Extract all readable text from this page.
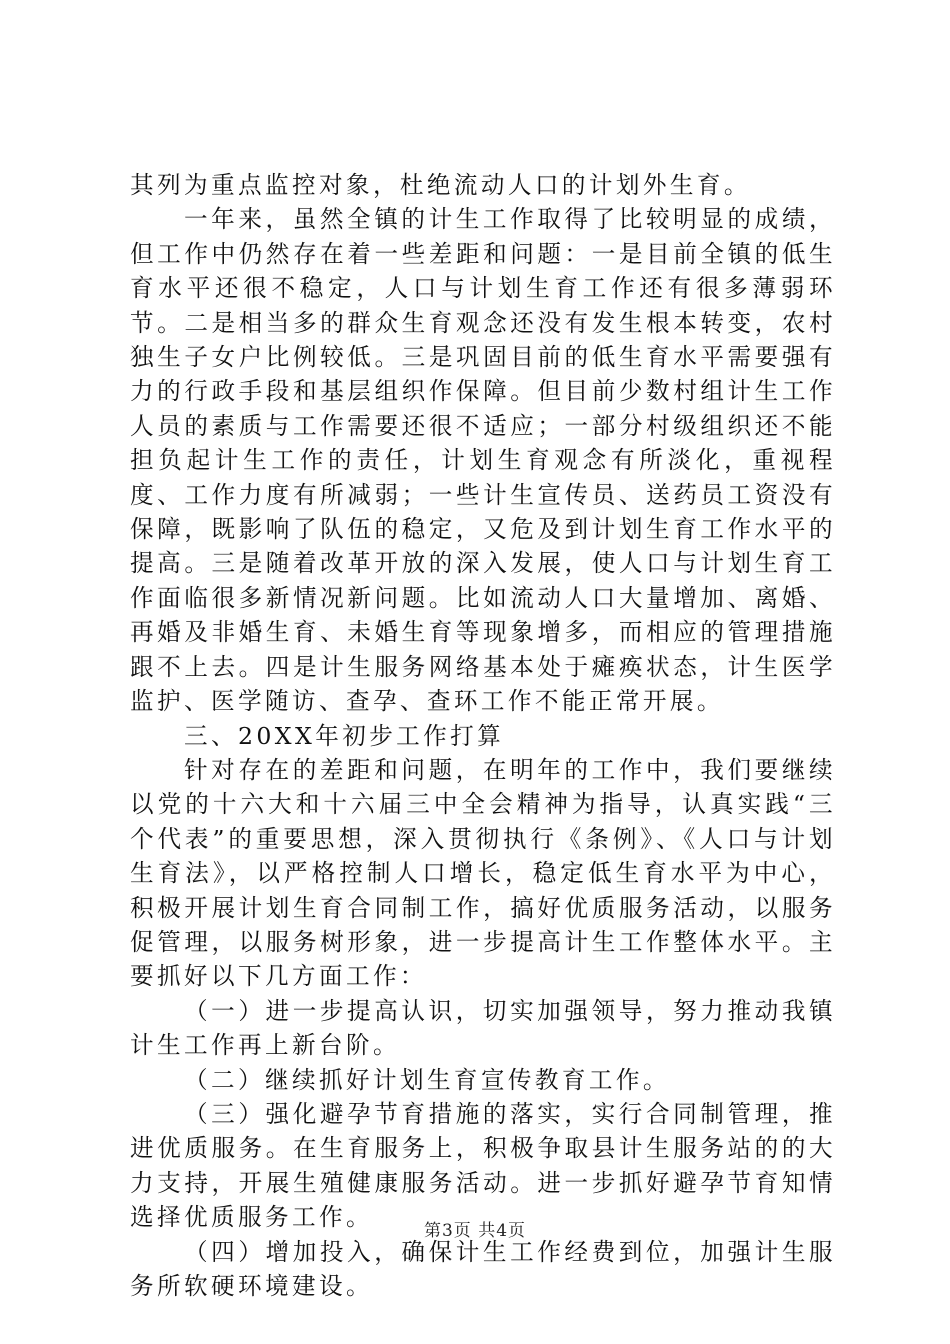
其列为重点监控对象，杜绝流动人口的计划外生育。

一年来，虽然全镇的计生工作取得了比较明显的成绩，但工作中仍然存在着一些差距和问题：一是目前全镇的低生育水平还很不稳定，人口与计划生育工作还有很多薄弱环节。二是相当多的群众生育观念还没有发生根本转变，农村独生子女户比例较低。三是巩固目前的低生育水平需要强有力的行政手段和基层组织作保障。但目前少数村组计生工作人员的素质与工作需要还很不适应；一部分村级组织还不能担负起计生工作的责任，计划生育观念有所淡化，重视程度、工作力度有所减弱；一些计生宣传员、送药员工资没有保障，既影响了队伍的稳定，又危及到计划生育工作水平的提高。三是随着改革开放的深入发展，使人口与计划生育工作面临很多新情况新问题。比如流动人口大量增加、离婚、再婚及非婚生育、未婚生育等现象增多，而相应的管理措施跟不上去。四是计生服务网络基本处于瘫痪状态，计生医学监护、医学随访、查孕、查环工作不能正常开展。

三、20XX年初步工作打算

针对存在的差距和问题，在明年的工作中，我们要继续以党的十六大和十六届三中全会精神为指导，认真实践“三个代表”的重要思想，深入贯彻执行《条例》、《人口与计划生育法》，以严格控制人口增长，稳定低生育水平为中心，积极开展计划生育合同制工作，搞好优质服务活动，以服务促管理，以服务树形象，进一步提高计生工作整体水平。主要抓好以下几方面工作：

（一）进一步提高认识，切实加强领导，努力推动我镇计生工作再上新台阶。

（二）继续抓好计划生育宣传教育工作。

（三）强化避孕节育措施的落实，实行合同制管理，推进优质服务。在生育服务上，积极争取县计生服务站的的大力支持，开展生殖健康服务活动。进一步抓好避孕节育知情选择优质服务工作。

（四）增加投入，确保计生工作经费到位，加强计生服务所软硬环境建设。

第3页 共4页
